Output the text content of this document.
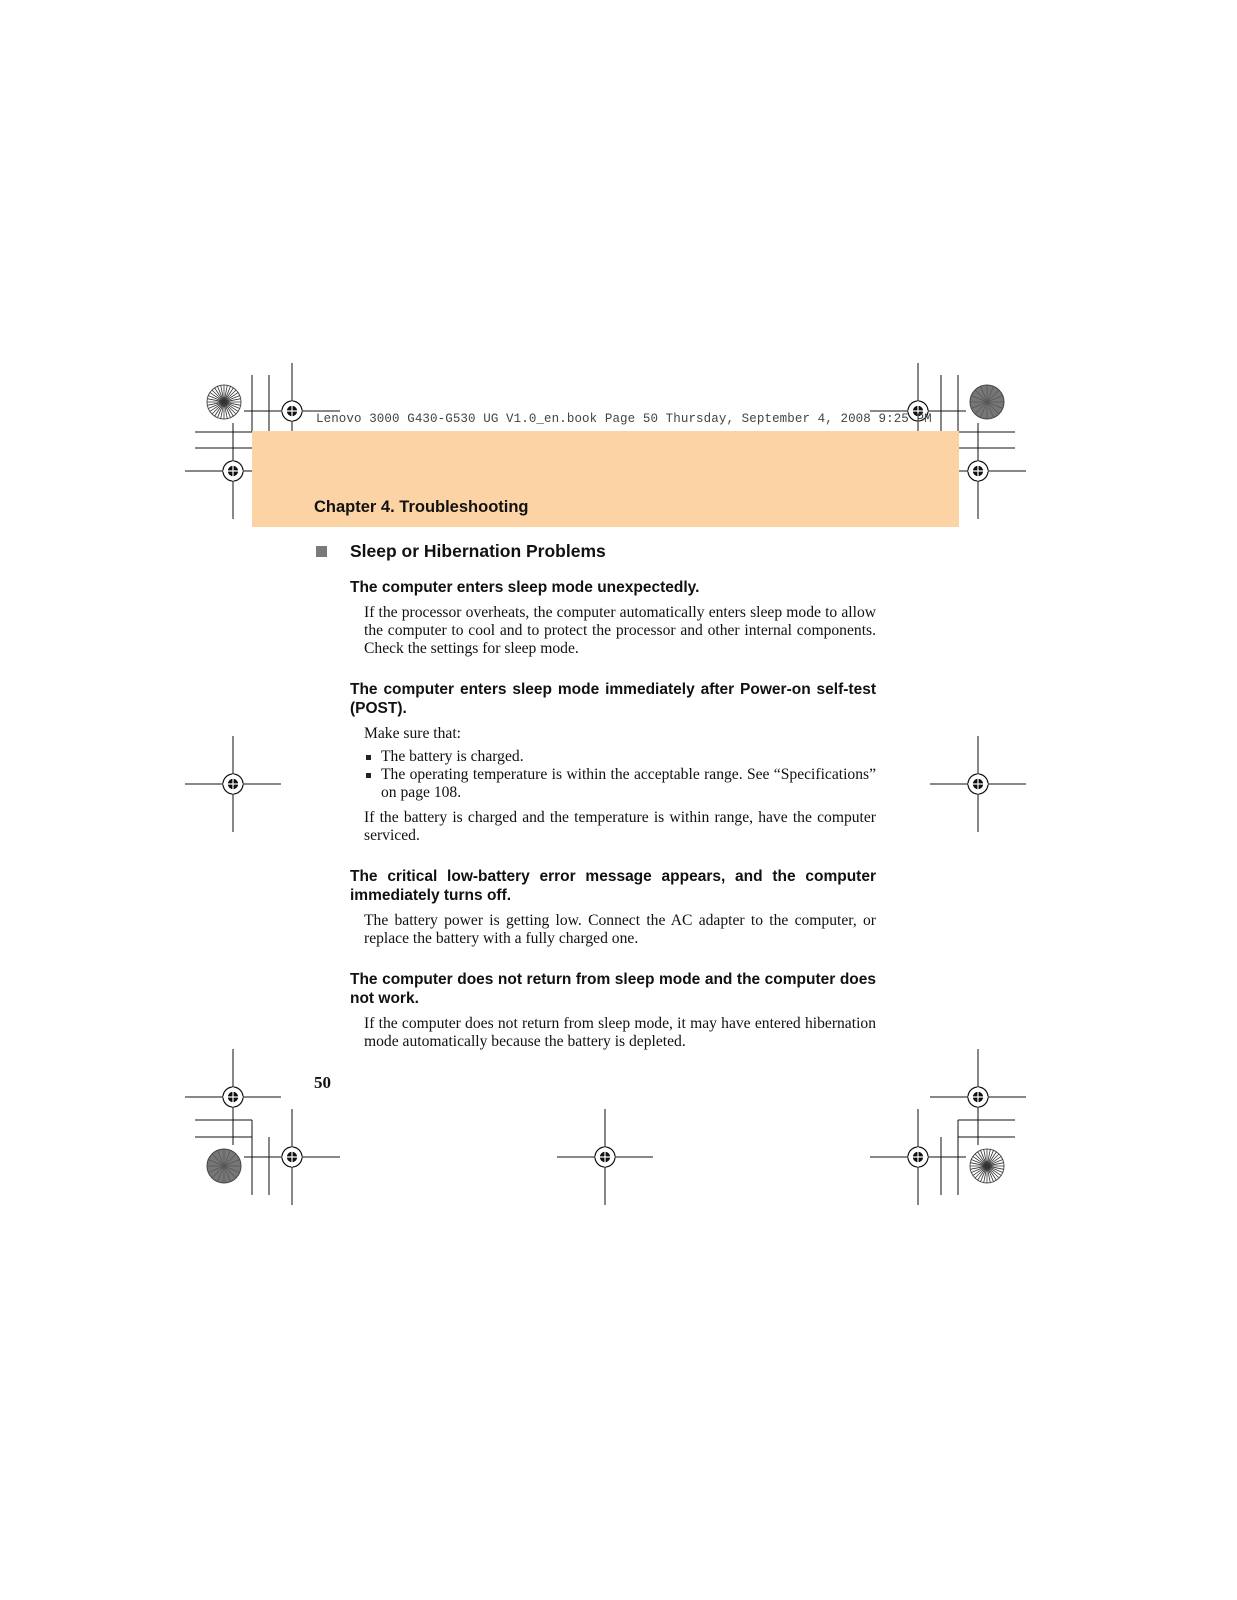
Lenovo 3000 G430-G530 UG V1.0_en.book Page 50 Thursday, September 4, 2008 9:25 PM
Chapter 4. Troubleshooting
Sleep or Hibernation Problems

The computer enters sleep mode unexpectedly.

If the processor overheats, the computer automatically enters sleep mode to allow the computer to cool and to protect the processor and other internal components. Check the settings for sleep mode.

The computer enters sleep mode immediately after Power-on self-test (POST).

Make sure that:

The battery is charged.
The operating temperature is within the acceptable range. See “Specifications” on page 108.

If the battery is charged and the temperature is within range, have the computer serviced.

The critical low-battery error message appears, and the computer immediately turns off.

The battery power is getting low. Connect the AC adapter to the computer, or replace the battery with a fully charged one.

The computer does not return from sleep mode and the computer does not work.

If the computer does not return from sleep mode, it may have entered hibernation mode automatically because the battery is depleted.

50
